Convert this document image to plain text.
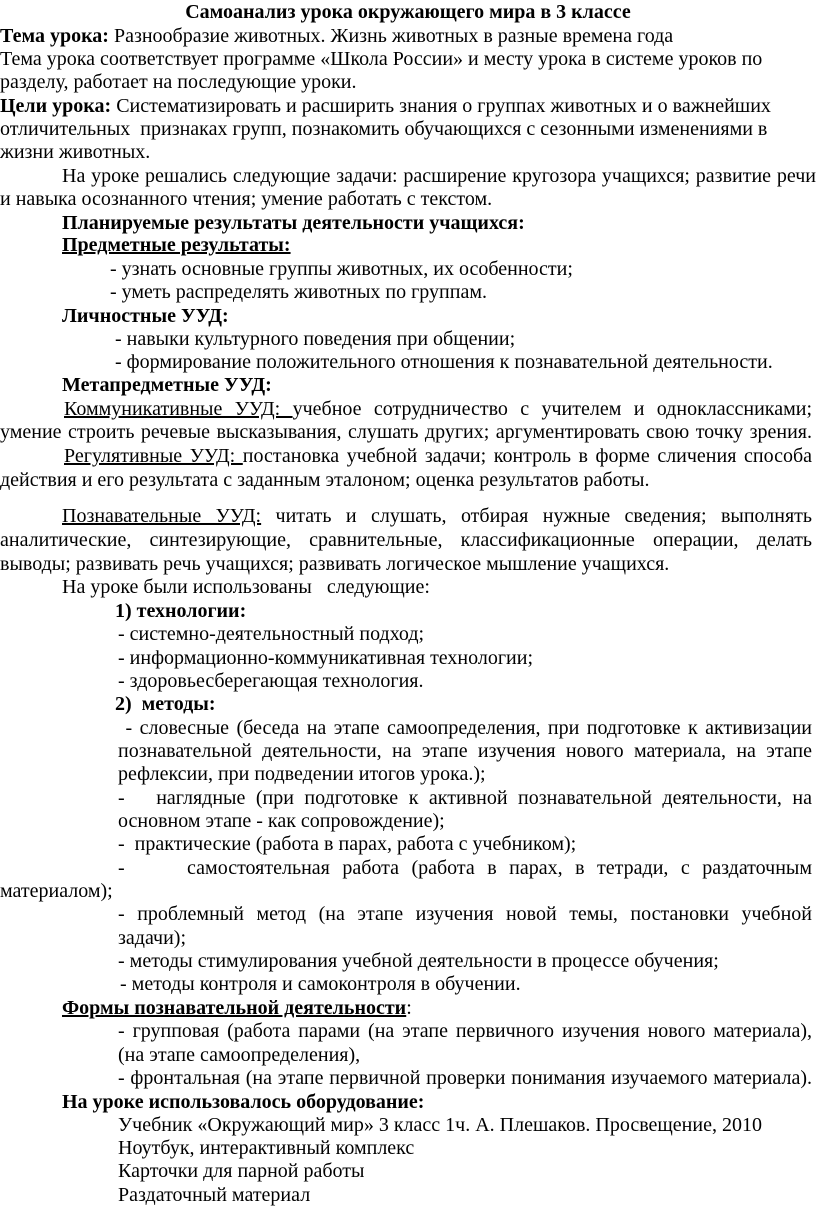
Самоанализ урока окружающего мира в 3 классе
Тема урока: Разнообразие животных. Жизнь животных в разные времена года
Тема урока соответствует программе «Школа России» и месту урока в системе уроков по
разделу, работает на последующие уроки.
Цели урока: Систематизировать и расширить знания о группах животных и о важнейших
отличительных  признаках групп, познакомить обучающихся с сезонными изменениями в
жизни животных.
На уроке решались следующие задачи: расширение кругозора учащихся; развитие речи
и навыка осознанного чтения; умение работать с текстом.
Планируемые результаты деятельности учащихся:
Предметные результаты:
- узнать основные группы животных, их особенности;
- уметь распределять животных по группам.
Личностные УУД:
- навыки культурного поведения при общении;
- формирование положительного отношения к познавательной деятельности.
Метапредметные УУД:
Коммуникативные УУД: учебное сотрудничество с учителем и одноклассниками;
умение строить речевые высказывания, слушать других; аргументировать свою точку зрения.
Регулятивные УУД: постановка учебной задачи; контроль в форме сличения способа
действия и его результата с заданным эталоном; оценка результатов работы.
Познавательные УУД: читать и слушать, отбирая нужные сведения; выполнять
аналитические, синтезирующие, сравнительные, классификационные операции, делать
выводы; развивать речь учащихся; развивать логическое мышление учащихся.
На уроке были использованы   следующие:
1) технологии:
- системно-деятельностный подход;
- информационно-коммуникативная технологии;
- здоровьесберегающая технология.
2)  методы:
- словесные (беседа на этапе самоопределения, при подготовке к активизации
познавательной деятельности, на этапе изучения нового материала, на этапе
рефлексии, при подведении итогов урока.);
-   наглядные (при подготовке к активной познавательной деятельности, на
основном этапе - как сопровождение);
-  практические (работа в парах, работа с учебником);
-     самостоятельная работа (работа в парах, в тетради, с раздаточным
материалом);
- проблемный метод (на этапе изучения новой темы, постановки учебной
задачи);
- методы стимулирования учебной деятельности в процессе обучения;
- методы контроля и самоконтроля в обучении.
Формы познавательной деятельности:
- групповая (работа парами (на этапе первичного изучения нового материала),
(на этапе самоопределения),
- фронтальная (на этапе первичной проверки понимания изучаемого материала).
На уроке использовалось оборудование:
Учебник «Окружающий мир» 3 класс 1ч. А. Плешаков. Просвещение, 2010
Ноутбук, интерактивный комплекс
Карточки для парной работы
Раздаточный материал
